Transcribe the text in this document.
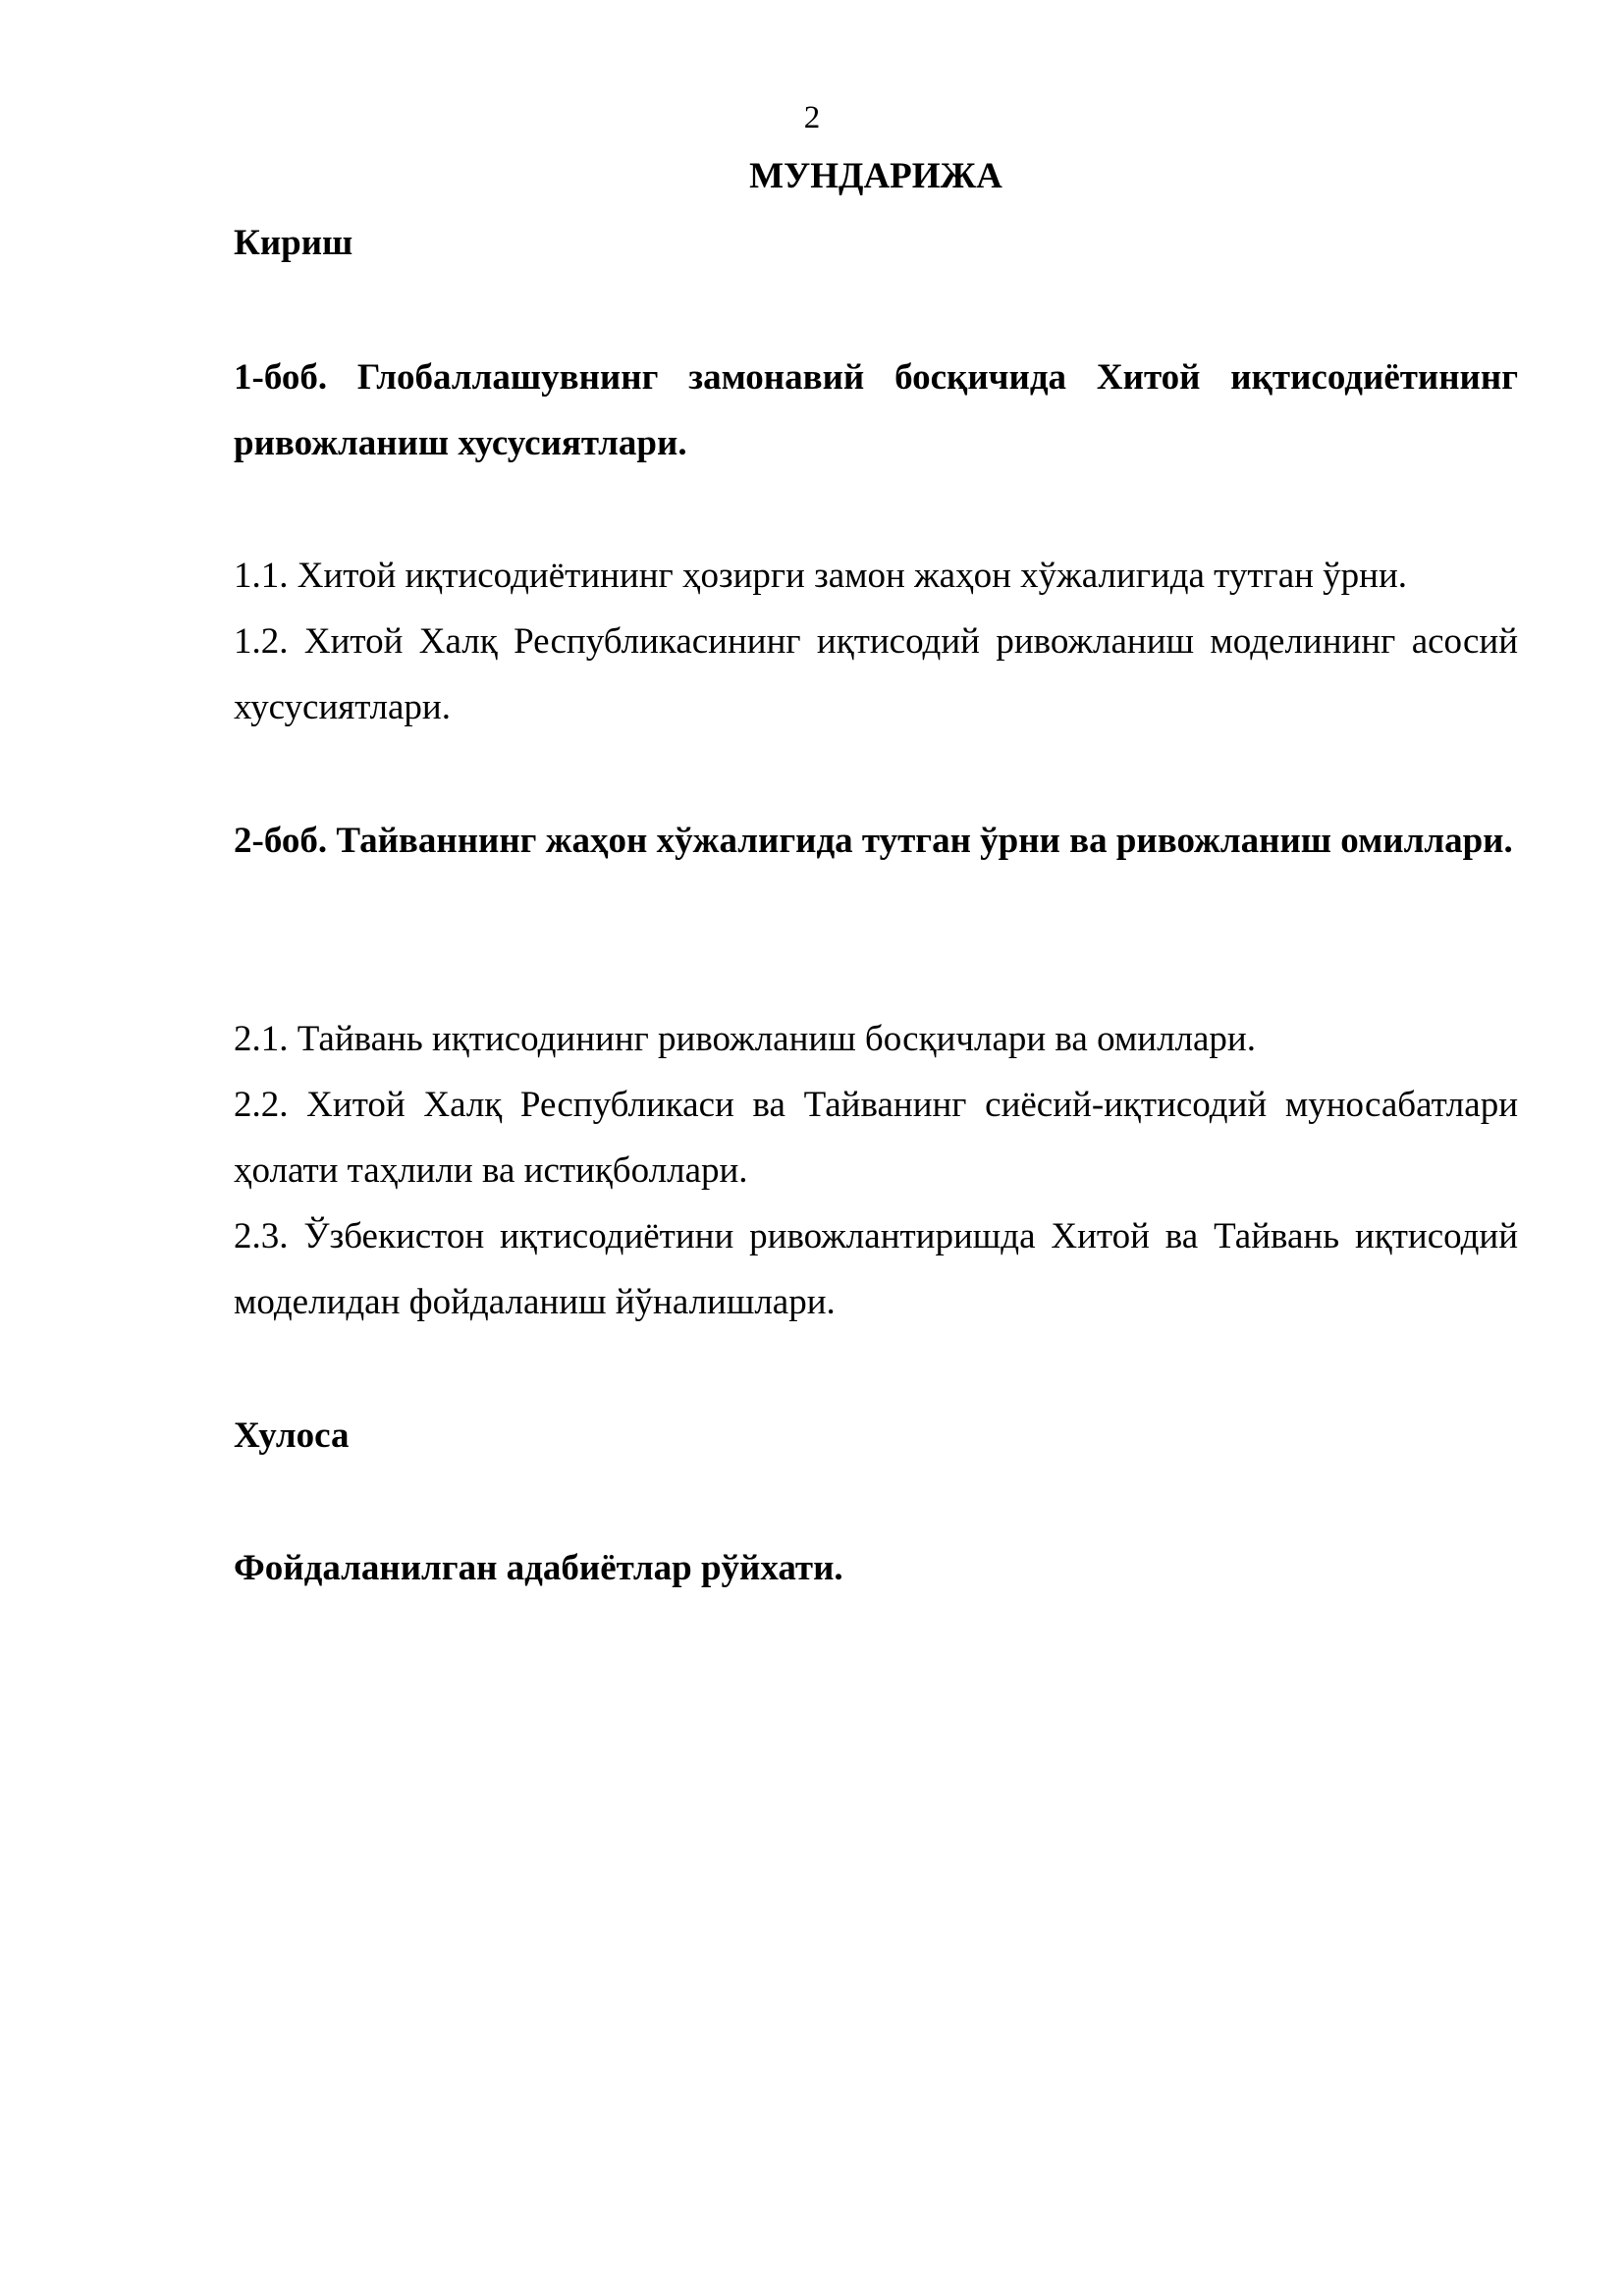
2
МУНДАРИЖА
Кириш
1-боб. Глобаллашувнинг замонавий босқичида Хитой иқтисодиётининг ривожланиш хусусиятлари.
1.1. Хитой иқтисодиётининг ҳозирги замон жаҳон хўжалигида тутган ўрни.
1.2. Хитой Халқ Республикасининг иқтисодий ривожланиш моделининг асосий хусусиятлари.
2-боб. Тайваннинг жаҳон хўжалигида тутган ўрни ва ривожланиш омиллари.
2.1. Тайвань иқтисодининг ривожланиш босқичлари ва омиллари.
2.2. Хитой Халқ Республикаси ва Тайванинг сиёсий-иқтисодий муносабатлари ҳолати таҳлили ва истиқболлари.
2.3. Ўзбекистон иқтисодиётини ривожлантиришда Хитой ва Тайвань иқтисодий моделидан фойдаланиш йўналишлари.
Хулоса
Фойдаланилган адабиётлар рўйхати.
